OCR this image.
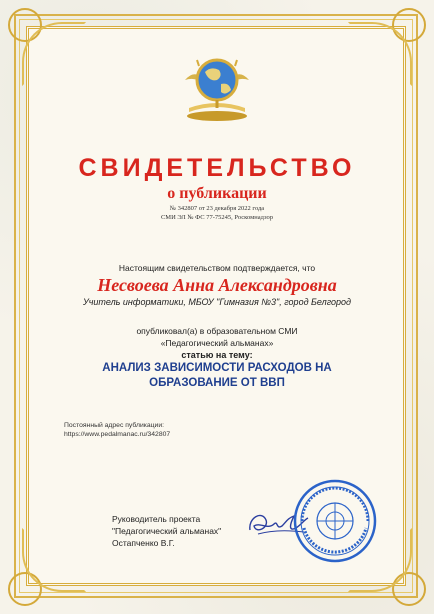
СВИДЕТЕЛЬСТВО
о публикации
№ 342807 от 23 декабря 2022 года
СМИ ЭЛ № ФС 77-75245, Роскомнадзор
Настоящим свидетельством подтверждается, что
Несвоева Анна Александровна
Учитель информатики, МБОУ "Гимназия №3", город Белгород
опубликовал(а) в образовательном СМИ
«Педагогический альманах»
статью на тему:
АНАЛИЗ ЗАВИСИМОСТИ РАСХОДОВ НА
ОБРАЗОВАНИЕ ОТ ВВП
Постоянный адрес публикации:
https://www.pedalmanac.ru/342807
Руководитель проекта
"Педагогический альманах"
Остапченко В.Г.
